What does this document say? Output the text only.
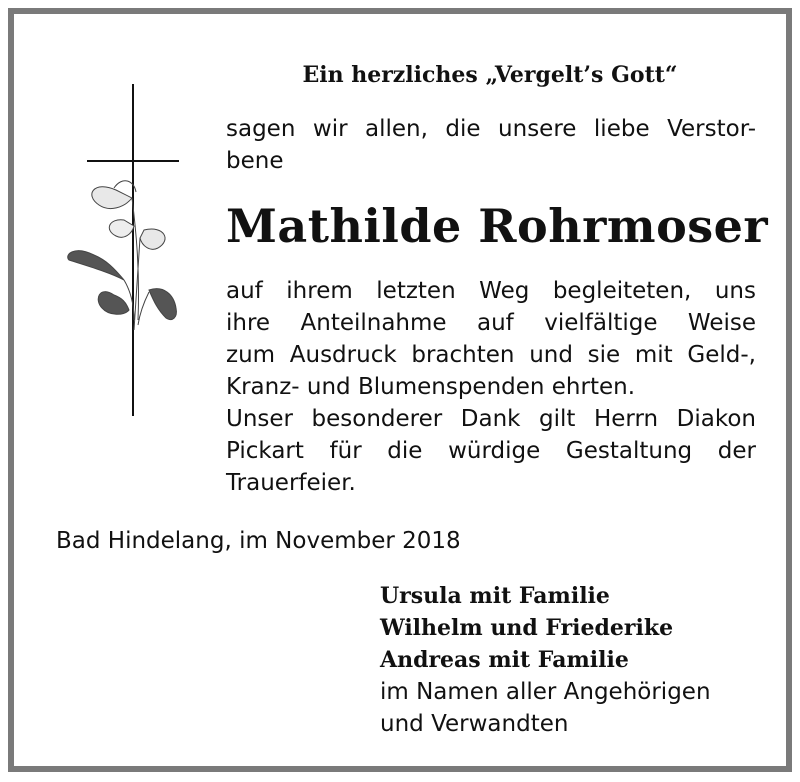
Ein herzliches „Vergelt’s Gott“
sagen wir allen, die unsere liebe Verstor-
bene
Mathilde Rohrmoser
auf ihrem letzten Weg begleiteten, uns
ihre Anteilnahme auf vielfältige Weise
zum Ausdruck brachten und sie mit Geld-,
Kranz- und Blumenspenden ehrten.
Unser besonderer Dank gilt Herrn Diakon
Pickart für die würdige Gestaltung der
Trauerfeier.
Bad Hindelang, im November 2018
Ursula mit Familie
Wilhelm und Friederike
Andreas mit Familie
im Namen aller Angehörigen
und Verwandten
